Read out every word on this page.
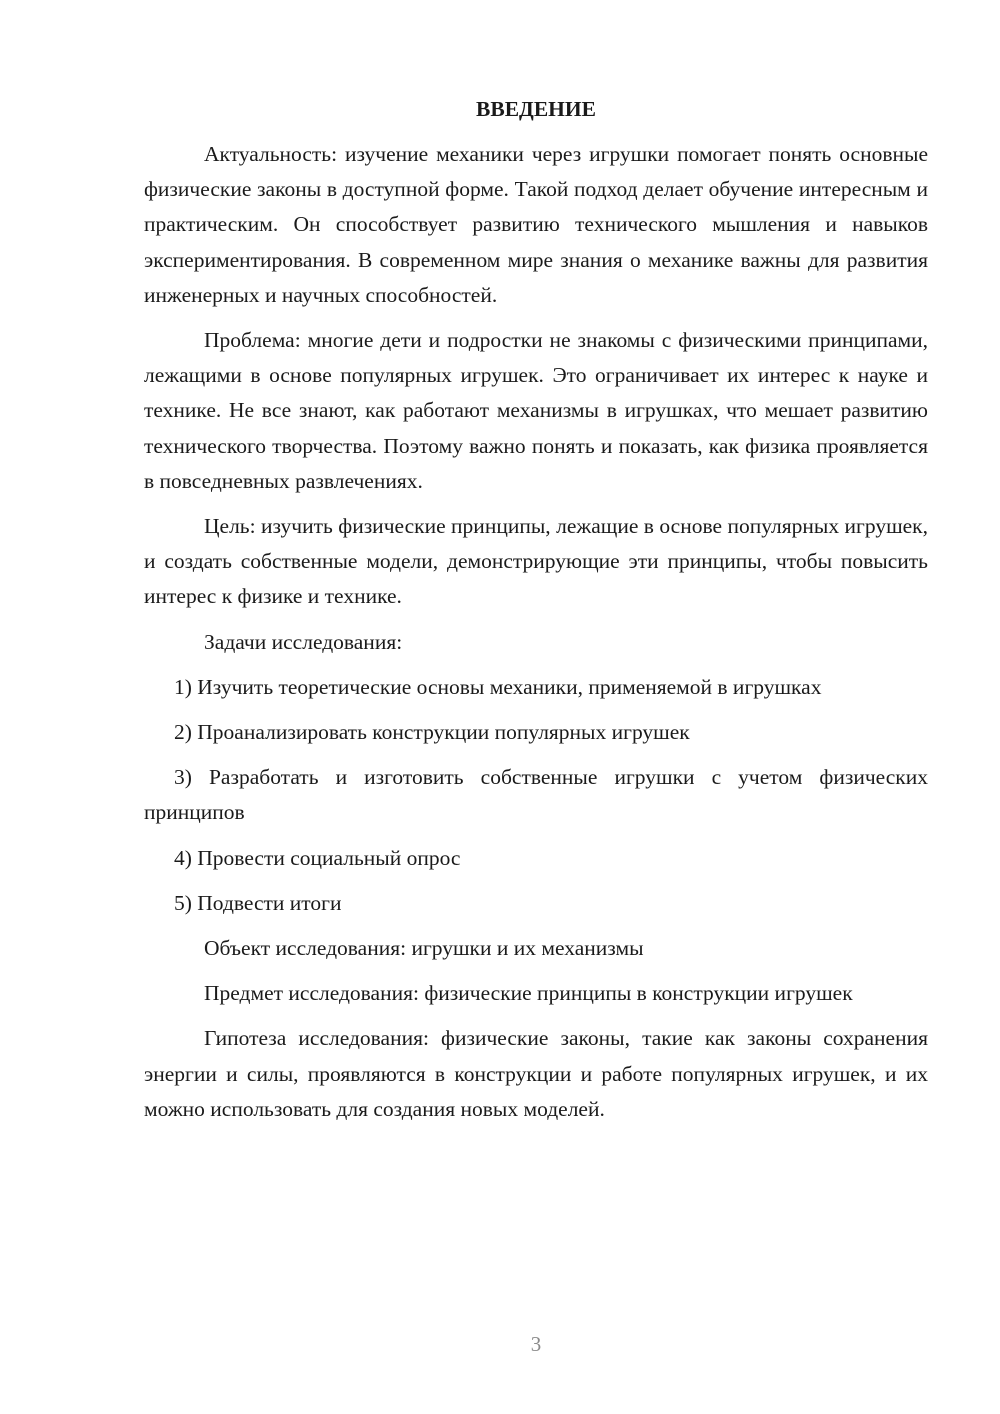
ВВЕДЕНИЕ

Актуальность: изучение механики через игрушки помогает понять основные физические законы в доступной форме. Такой подход делает обучение интересным и практическим. Он способствует развитию технического мышления и навыков экспериментирования. В современном мире знания о механике важны для развития инженерных и научных способностей.

Проблема: многие дети и подростки не знакомы с физическими принципами, лежащими в основе популярных игрушек. Это ограничивает их интерес к науке и технике. Не все знают, как работают механизмы в игрушках, что мешает развитию технического творчества. Поэтому важно понять и показать, как физика проявляется в повседневных развлечениях.

Цель: изучить физические принципы, лежащие в основе популярных игрушек, и создать собственные модели, демонстрирующие эти принципы, чтобы повысить интерес к физике и технике.

Задачи исследования:

1) Изучить теоретические основы механики, применяемой в игрушках

2) Проанализировать конструкции популярных игрушек

3) Разработать и изготовить собственные игрушки с учетом физических принципов

4) Провести социальный опрос

5) Подвести итоги

Объект исследования: игрушки и их механизмы

Предмет исследования: физические принципы в конструкции игрушек

Гипотеза исследования: физические законы, такие как законы сохранения энергии и силы, проявляются в конструкции и работе популярных игрушек, и их можно использовать для создания новых моделей.

3
